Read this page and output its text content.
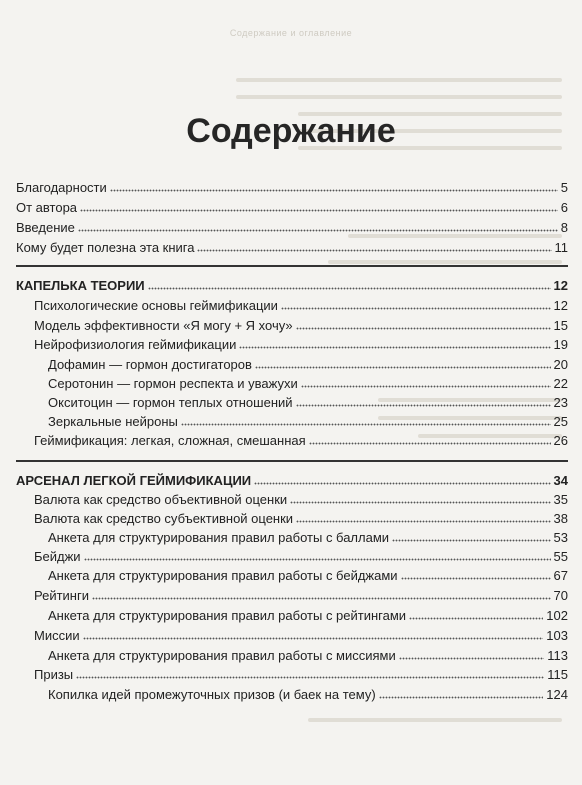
Содержание и оглавление
Содержание
Благодарности	5
От автора	6
Введение	8
Кому будет полезна эта книга	11
КАПЕЛЬКА ТЕОРИИ	12
Психологические основы геймификации	12
Модель эффективности «Я могу + Я хочу»	15
Нейрофизиология геймификации	19
Дофамин — гормон достигаторов	20
Серотонин — гормон респекта и уважухи	22
Окситоцин — гормон теплых отношений	23
Зеркальные нейроны	25
Геймификация: легкая, сложная, смешанная	26
АРСЕНАЛ ЛЕГКОЙ ГЕЙМИФИКАЦИИ	34
Валюта как средство объективной оценки	35
Валюта как средство субъективной оценки	38
Анкета для структурирования правил работы с баллами	53
Бейджи	55
Анкета для структурирования правил работы с бейджами	67
Рейтинги	70
Анкета для структурирования правил работы с рейтингами	102
Миссии	103
Анкета для структурирования правил работы с миссиями	113
Призы	115
Копилка идей промежуточных призов (и баек на тему)	124
